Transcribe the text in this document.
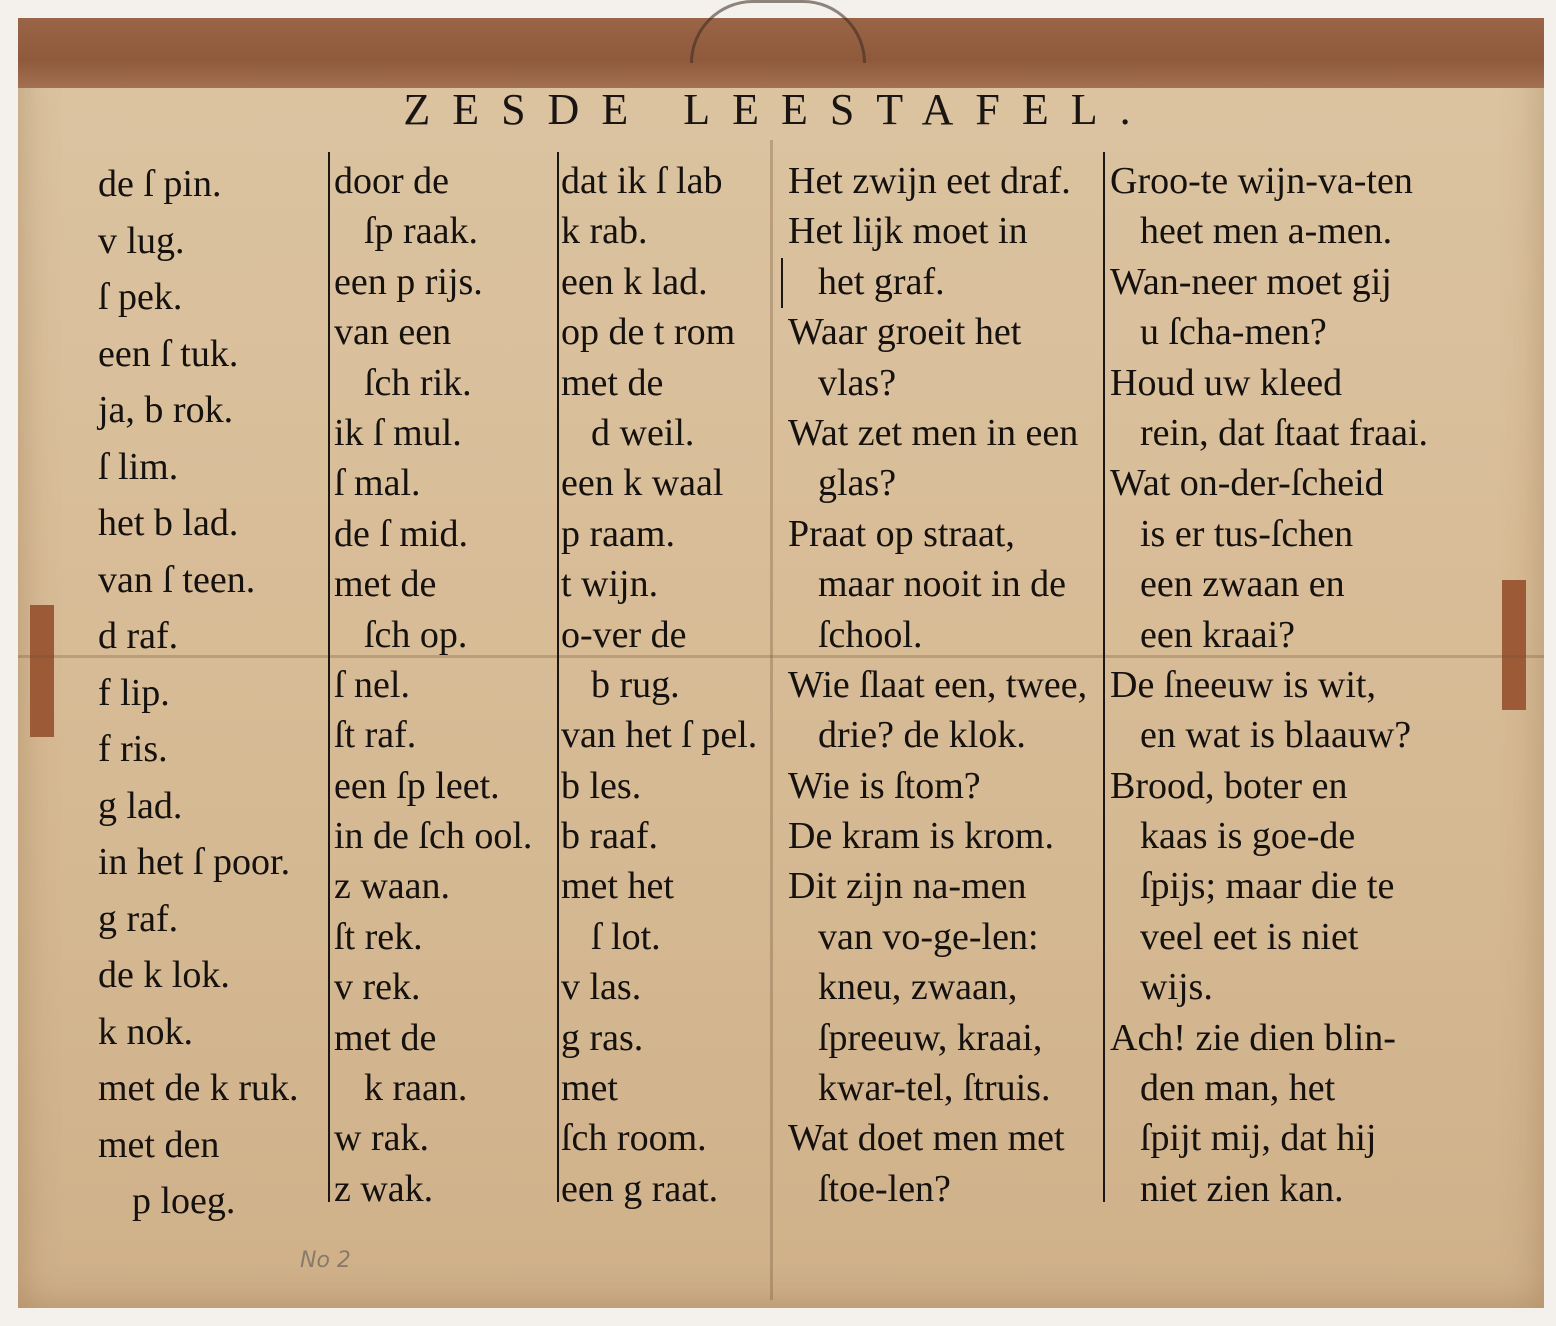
ZESDE LEESTAFEL.
de ſ pin.
v lug.
ſ pek.
een ſ tuk.
ja, b rok.
ſ lim.
het b lad.
van ſ teen.
d raf.
f lip.
f ris.
g lad.
in het ſ poor.
g raf.
de k lok.
k nok.
met de k ruk.
met den
p loeg.
door de
ſp raak.
een p rijs.
van een
ſch rik.
ik ſ mul.
ſ mal.
de ſ mid.
met de
ſch op.
ſ nel.
ſt raf.
een ſp leet.
in de ſch ool.
z waan.
ſt rek.
v rek.
met de
k raan.
w rak.
z wak.
dat ik ſ lab
k rab.
een k lad.
op de t rom
met de
d weil.
een k waal
p raam.
t wijn.
o-ver de
b rug.
van het ſ pel.
b les.
b raaf.
met het
ſ lot.
v las.
g ras.
met
ſch room.
een g raat.
Het zwijn eet draf.
Het lijk moet in
het graf.
Waar groeit het
vlas?
Wat zet men in een
glas?
Praat op straat,
maar nooit in de
ſchool.
Wie ſlaat een, twee,
drie? de klok.
Wie is ſtom?
De kram is krom.
Dit zijn na-men
van vo-ge-len:
kneu, zwaan,
ſpreeuw, kraai,
kwar-tel, ſtruis.
Wat doet men met
ſtoe-len?
Groo-te wijn-va-ten
heet men a-men.
Wan-neer moet gij
u ſcha-men?
Houd uw kleed
rein, dat ſtaat fraai.
Wat on-der-ſcheid
is er tus-ſchen
een zwaan en
een kraai?
De ſneeuw is wit,
en wat is blaauw?
Brood, boter en
kaas is goe-de
ſpijs; maar die te
veel eet is niet
wijs.
Ach! zie dien blin-
den man, het
ſpijt mij, dat hij
niet zien kan.
No 2
